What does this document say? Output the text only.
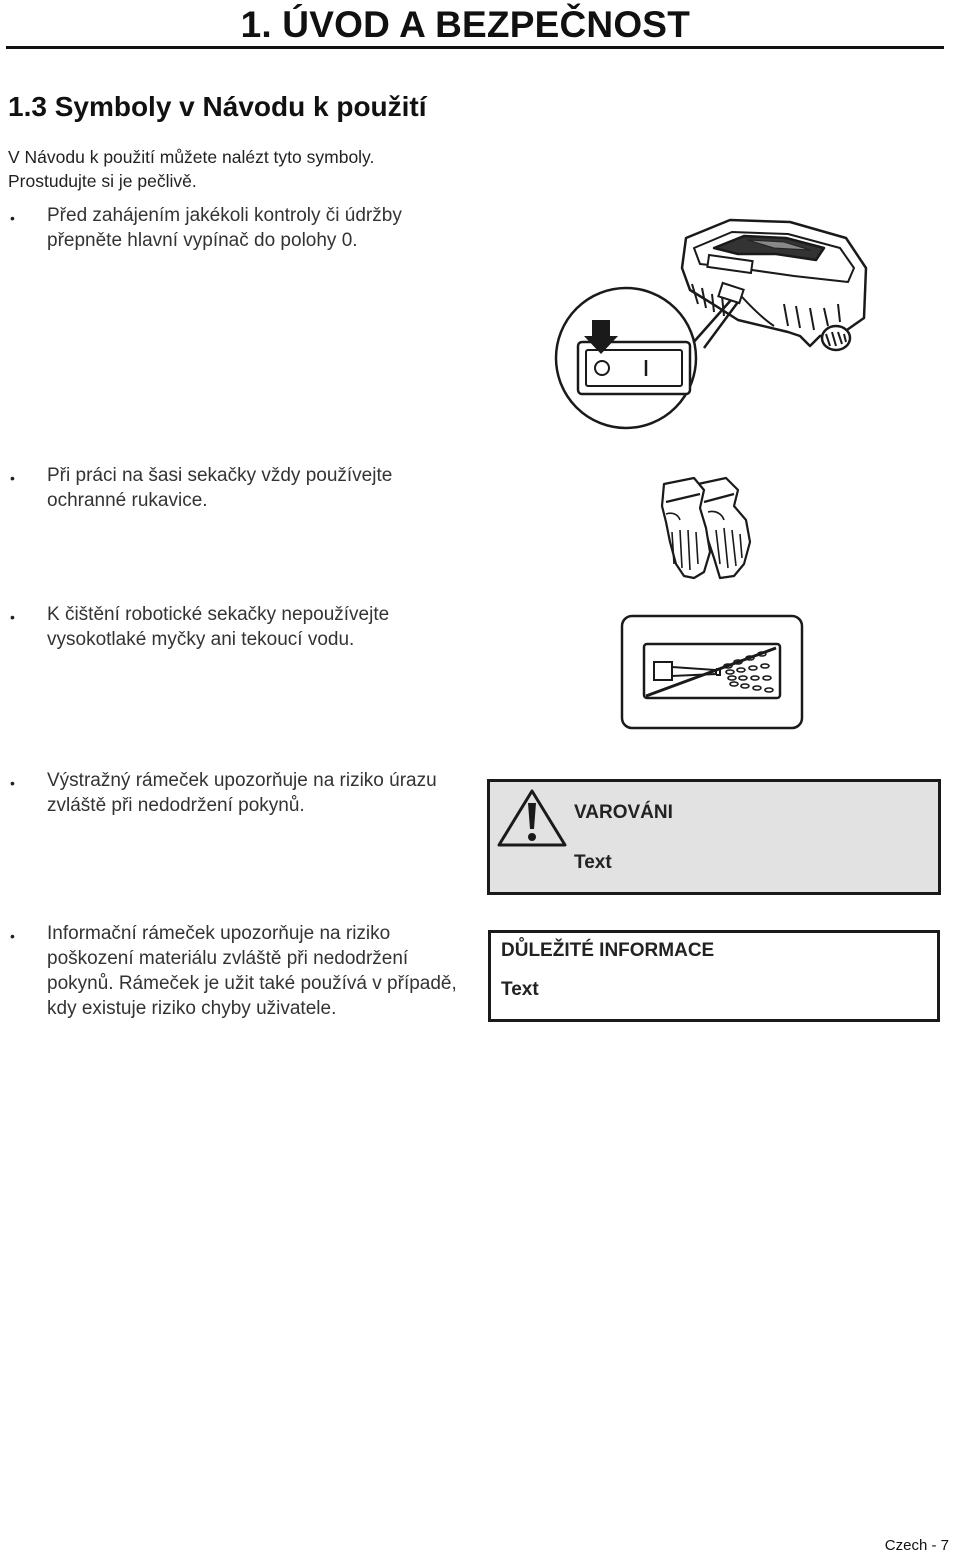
1. ÚVOD A BEZPEČNOST
1.3 Symboly v Návodu k použití
V Návodu k použití můžete nalézt tyto symboly.
Prostudujte si je pečlivě.
• Před zahájením jakékoli kontroly či údržby
přepněte hlavní vypínač do polohy 0.
• Při práci na šasi sekačky vždy používejte
ochranné rukavice.
• K čištění robotické sekačky nepoužívejte
vysokotlaké myčky ani tekoucí vodu.
• Výstražný rámeček upozorňuje na riziko úrazu
zvláště při nedodržení pokynů.	VAROVÁNI
Text
• Informační rámeček upozorňuje na riziko
poškození materiálu zvláště při nedodržení
pokynů. Rámeček je užit také používá v případě,
kdy existuje riziko chyby uživatele.
DŮLEŽITÉ INFORMACE
Text
Czech - 7
